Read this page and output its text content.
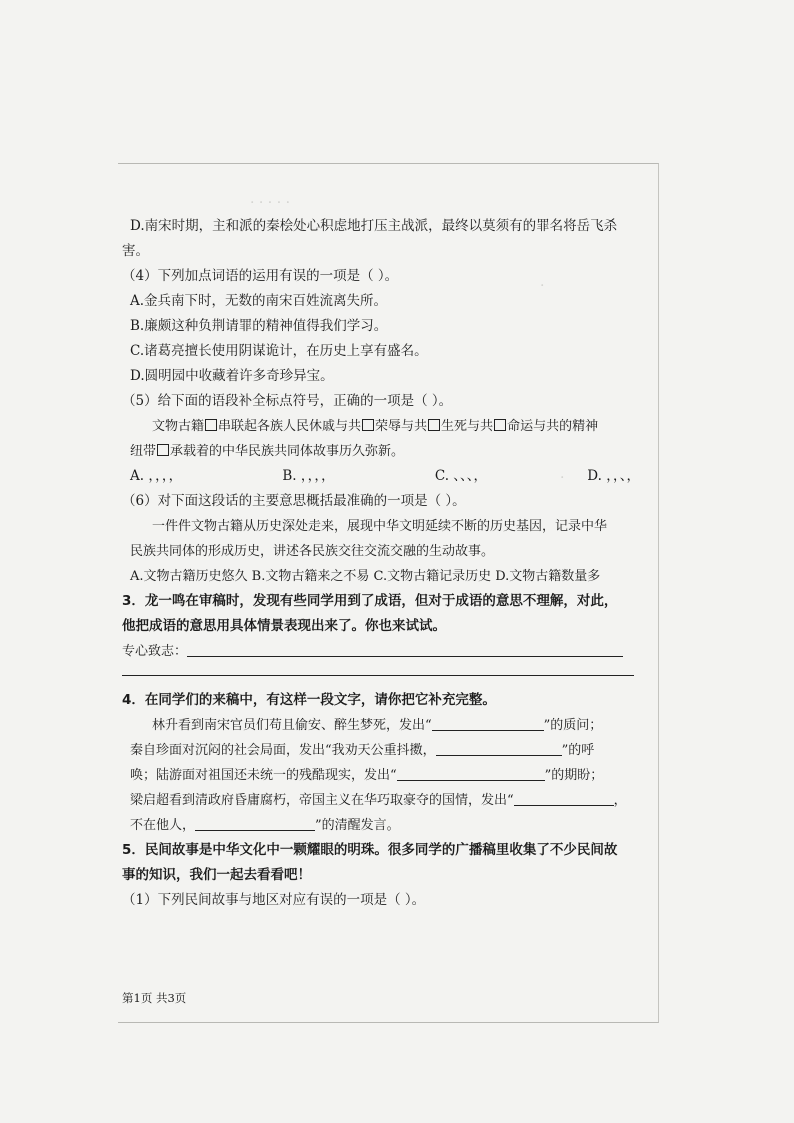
· · · · ·
·
·
D.南宋时期，主和派的秦桧处心积虑地打压主战派，最终以莫须有的罪名将岳飞杀
害。
（4）下列加点词语的运用有误的一项是（ ）。
A.金兵南下时，无数的南宋百姓流离失所。
B.廉颇这种负荆请罪的精神值得我们学习。
C.诸葛亮擅长使用阴谋诡计，在历史上享有盛名。
D.圆明园中收藏着许多奇珍异宝。
（5）给下面的语段补全标点符号，正确的一项是（ ）。
文物古籍 串联起各族人民休戚与共 荣辱与共 生死与共 命运与共的精神
纽带 承载着的中华民族共同体故事历久弥新。
A. ，，，，	B. ，，，，	C. 、、、，	D. ，，、，
（6）对下面这段话的主要意思概括最准确的一项是（ ）。
一件件文物古籍从历史深处走来，展现中华文明延续不断的历史基因，记录中华
民族共同体的形成历史，讲述各民族交往交流交融的生动故事。
A.文物古籍历史悠久 B.文物古籍来之不易 C.文物古籍记录历史 D.文物古籍数量多
3．龙一鸣在审稿时，发现有些同学用到了成语，但对于成语的意思不理解，对此，
他把成语的意思用具体情景表现出来了。你也来试试。
专心致志：
4．在同学们的来稿中，有这样一段文字，请你把它补充完整。
林升看到南宋官员们苟且偷安、醉生梦死，发出“	”的质问；
秦自珍面对沉闷的社会局面，发出“我劝天公重抖擞，	”的呼
唤；陆游面对祖国还未统一的残酷现实，发出“	”的期盼；
梁启超看到清政府昏庸腐朽，帝国主义在华巧取豪夺的国情，发出“	，
不在他人，	”的清醒发言。
5．民间故事是中华文化中一颗耀眼的明珠。很多同学的广播稿里收集了不少民间故
事的知识，我们一起去看看吧！
（1）下列民间故事与地区对应有误的一项是（ ）。
第1页 共3页
